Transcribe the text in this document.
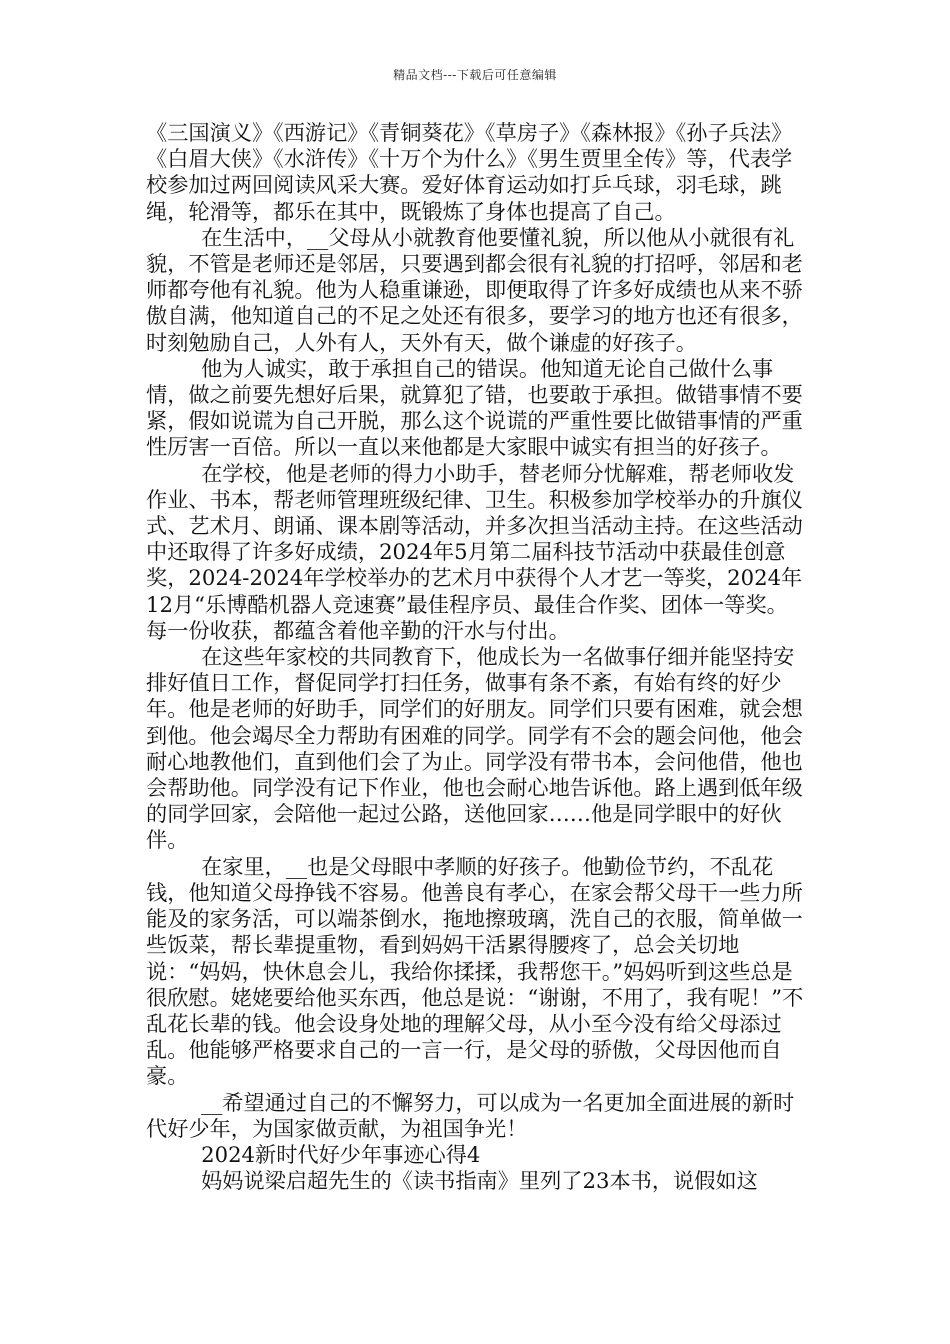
精品文档---下载后可任意编辑

《三国演义》《西游记》《青铜葵花》《草房子》《森林报》《孙子兵法》《白眉大侠》《水浒传》《十万个为什么》《男生贾里全传》等，代表学校参加过两回阅读风采大赛。爱好体育运动如打乒乓球，羽毛球，跳绳，轮滑等，都乐在其中，既锻炼了身体也提高了自己。

在生活中，__父母从小就教育他要懂礼貌，所以他从小就很有礼貌，不管是老师还是邻居，只要遇到都会很有礼貌的打招呼，邻居和老师都夸他有礼貌。他为人稳重谦逊，即便取得了许多好成绩也从来不骄傲自满，他知道自己的不足之处还有很多，要学习的地方也还有很多，时刻勉励自己，人外有人，天外有天，做个谦虚的好孩子。

他为人诚实，敢于承担自己的错误。他知道无论自己做什么事情，做之前要先想好后果，就算犯了错，也要敢于承担。做错事情不要紧，假如说谎为自己开脱，那么这个说谎的严重性要比做错事情的严重性厉害一百倍。所以一直以来他都是大家眼中诚实有担当的好孩子。

在学校，他是老师的得力小助手，替老师分忧解难，帮老师收发作业、书本，帮老师管理班级纪律、卫生。积极参加学校举办的升旗仪式、艺术月、朗诵、课本剧等活动，并多次担当活动主持。在这些活动中还取得了许多好成绩，2024年5月第二届科技节活动中获最佳创意奖，2024-2024年学校举办的艺术月中获得个人才艺一等奖，2024年12月“乐博酷机器人竞速赛”最佳程序员、最佳合作奖、团体一等奖。每一份收获，都蕴含着他辛勤的汗水与付出。

在这些年家校的共同教育下，他成长为一名做事仔细并能坚持安排好值日工作，督促同学打扫任务，做事有条不紊，有始有终的好少年。他是老师的好助手，同学们的好朋友。同学们只要有困难，就会想到他。他会竭尽全力帮助有困难的同学。同学有不会的题会问他，他会耐心地教他们，直到他们会了为止。同学没有带书本，会问他借，他也会帮助他。同学没有记下作业，他也会耐心地告诉他。路上遇到低年级的同学回家，会陪他一起过公路，送他回家……他是同学眼中的好伙伴。

在家里，__也是父母眼中孝顺的好孩子。他勤俭节约，不乱花钱，他知道父母挣钱不容易。他善良有孝心，在家会帮父母干一些力所能及的家务活，可以端茶倒水，拖地擦玻璃，洗自己的衣服，简单做一些饭菜，帮长辈提重物，看到妈妈干活累得腰疼了，总会关切地说：“妈妈，快休息会儿，我给你揉揉，我帮您干。”妈妈听到这些总是很欣慰。姥姥要给他买东西，他总是说：“谢谢，不用了，我有呢！”不乱花长辈的钱。他会设身处地的理解父母，从小至今没有给父母添过乱。他能够严格要求自己的一言一行，是父母的骄傲，父母因他而自豪。

__希望通过自己的不懈努力，可以成为一名更加全面进展的新时代好少年，为国家做贡献，为祖国争光！

2024新时代好少年事迹心得4

妈妈说梁启超先生的《读书指南》里列了23本书，说假如这
